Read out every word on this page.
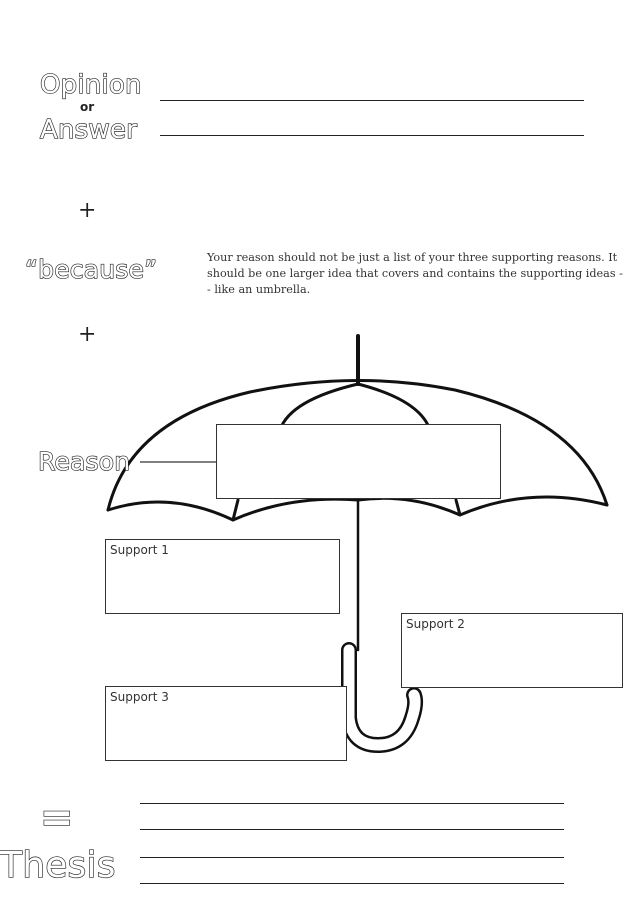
Opinion
or
Answer
+
“because”	Your reason should not be just a list of your three supporting reasons. It should be one larger idea that covers and contains the supporting ideas -- like an umbrella.
+
Reason
Support 1
Support 2
Support 3
=
Thesis
